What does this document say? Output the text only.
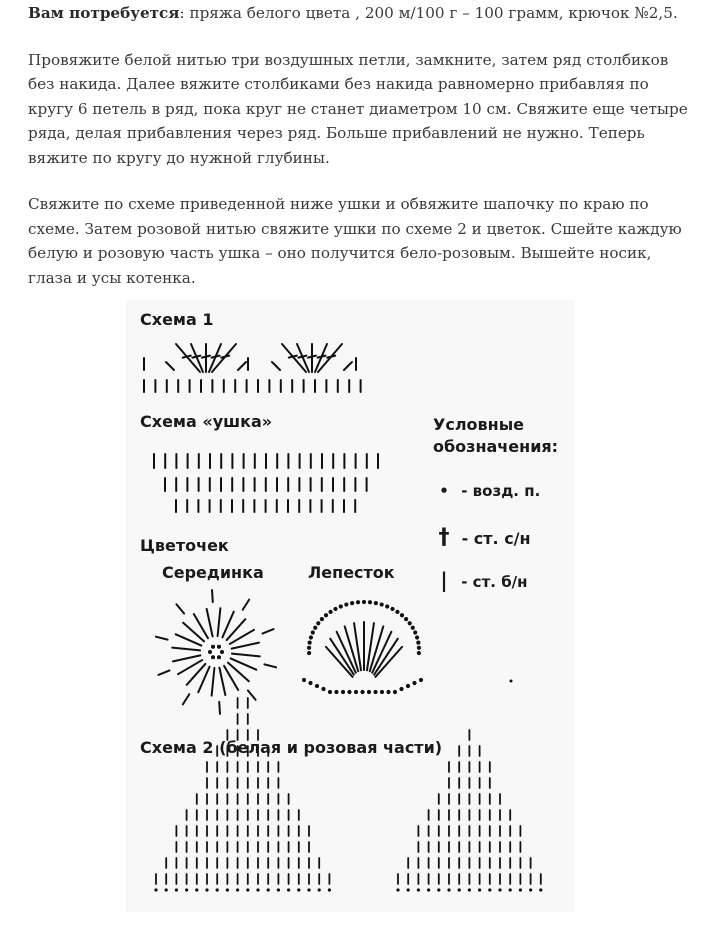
Вам потребуется: пряжа белого цвета , 200 м/100 г – 100 грамм, крючок №2,5.

Провяжите белой нитью три воздушных петли, замкните, затем ряд столбиков без накида. Далее вяжите столбиками без накида равномерно прибавляя по кругу 6 петель в ряд, пока круг не станет диаметром 10 см. Свяжите еще четыре ряда, делая прибавления через ряд. Больше прибавлений не нужно. Теперь вяжите по кругу до нужной глубины.

Свяжите по схеме приведенной ниже ушки и обвяжите шапочку по краю по схеме. Затем розовой нитью свяжите ушки по схеме 2 и цветок. Сшейте каждую белую и розовую часть ушка – оно получится бело-розовым. Вышейте носик, глаза и усы котенка.

Схема 1
Схема «ушка»
Цветочек
Серединка	Лепесток
Схема 2 (белая и розовая части)
Условные
обозначения:
• - возд. п.
† - ст. с/н
| - ст. б/н
